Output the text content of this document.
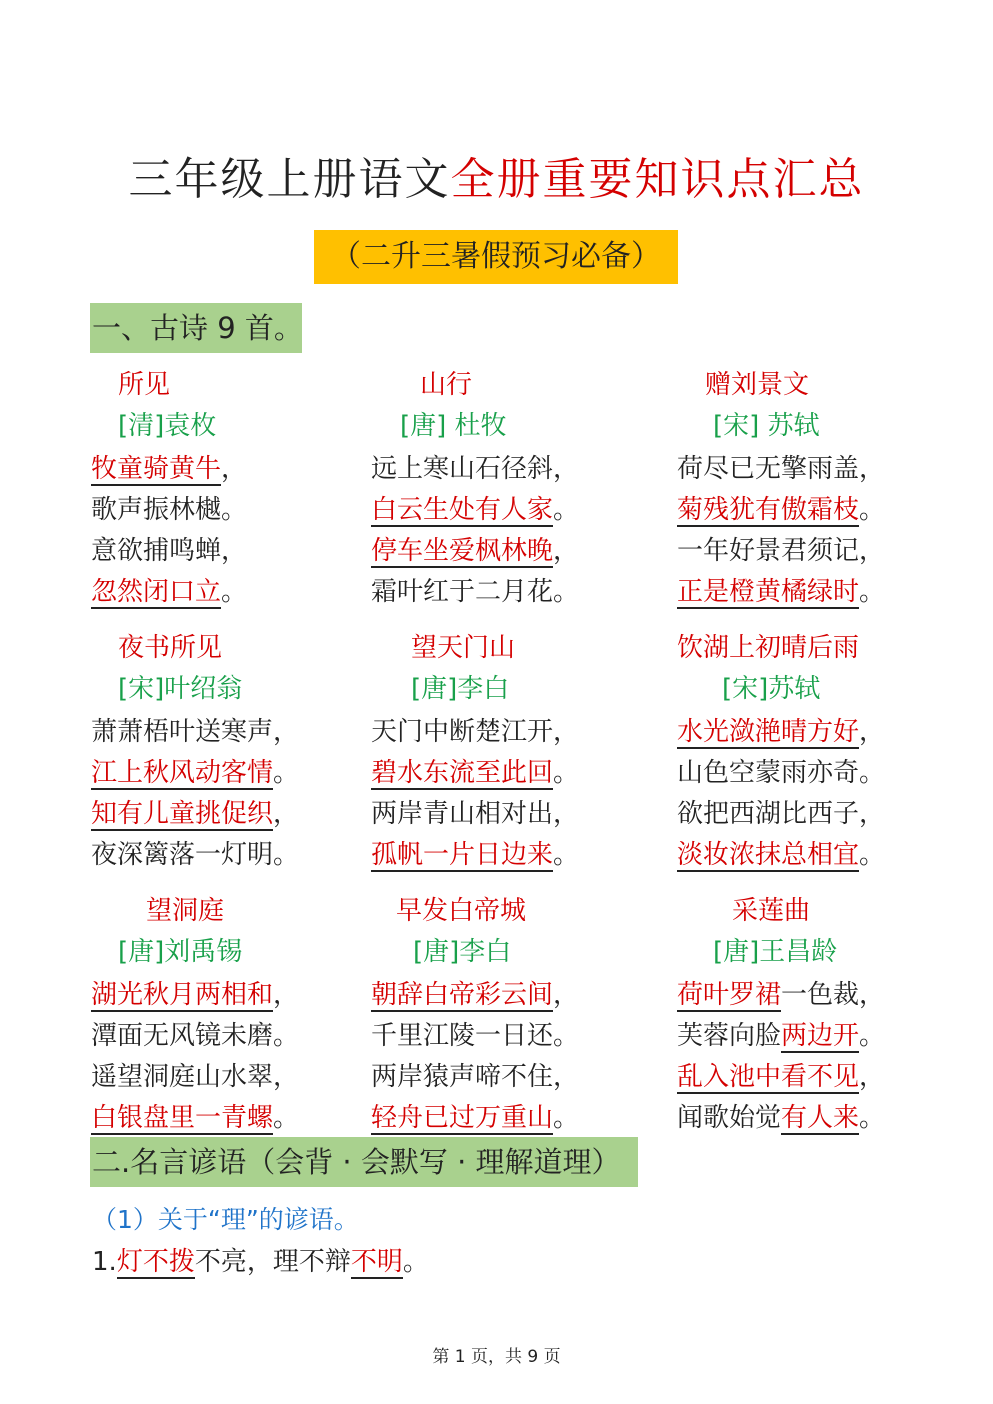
三年级上册语文全册重要知识点汇总
（二升三暑假预习必备）
一、古诗 9 首。
所见
[清]袁枚
牧童骑黄牛，
歌声振林樾。
意欲捕鸣蝉，
忽然闭口立。
山行
[唐] 杜牧
远上寒山石径斜，
白云生处有人家。
停车坐爱枫林晚，
霜叶红于二月花。
赠刘景文
[宋] 苏轼
荷尽已无擎雨盖，
菊残犹有傲霜枝。
一年好景君须记，
正是橙黄橘绿时。
夜书所见
[宋]叶绍翁
萧萧梧叶送寒声，
江上秋风动客情。
知有儿童挑促织，
夜深篱落一灯明。
望天门山
[唐]李白
天门中断楚江开，
碧水东流至此回。
两岸青山相对出，
孤帆一片日边来。
饮湖上初晴后雨
[宋]苏轼
水光潋滟晴方好，
山色空蒙雨亦奇。
欲把西湖比西子，
淡妆浓抹总相宜。
望洞庭
[唐]刘禹锡
湖光秋月两相和，
潭面无风镜未磨。
遥望洞庭山水翠，
白银盘里一青螺。
早发白帝城
[唐]李白
朝辞白帝彩云间，
千里江陵一日还。
两岸猿声啼不住，
轻舟已过万重山。
采莲曲
[唐]王昌龄
荷叶罗裙一色裁，
芙蓉向脸两边开。
乱入池中看不见，
闻歌始觉有人来。
二.名言谚语（会背 · 会默写 · 理解道理）
（1）关于“理”的谚语。
1.灯不拨不亮，理不辩不明。
第 1 页，共 9 页
